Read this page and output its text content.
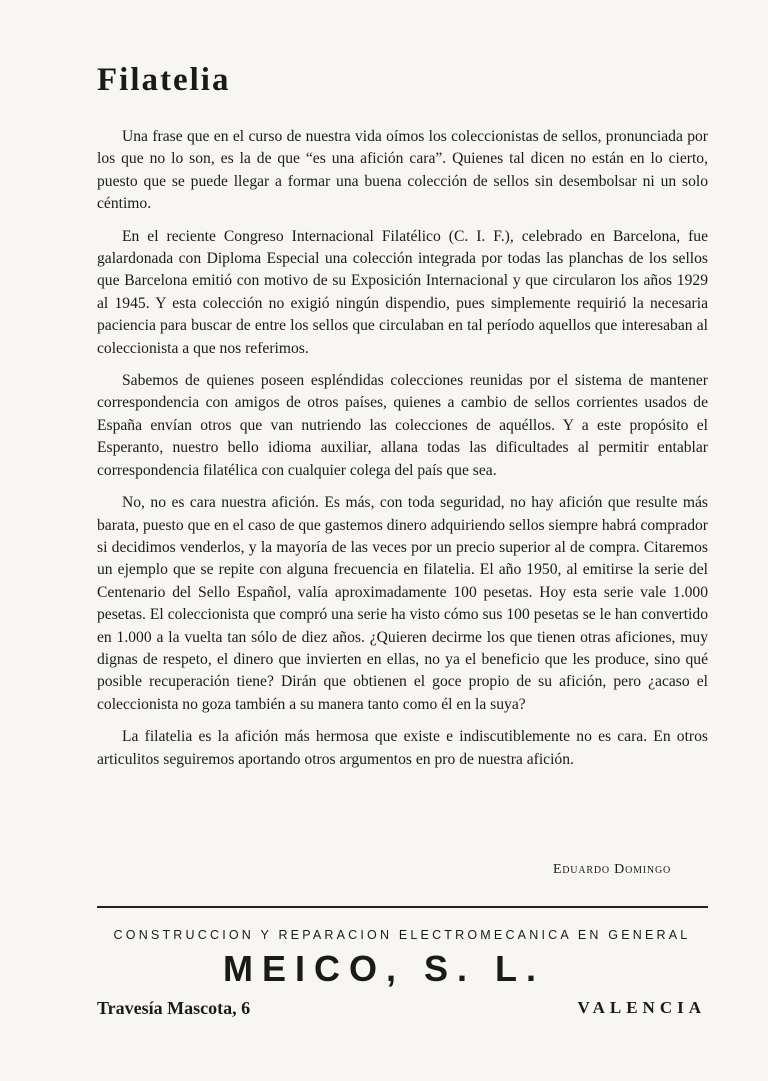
Filatelia

Una frase que en el curso de nuestra vida oímos los coleccionistas de sellos, pronunciada por los que no lo son, es la de que “es una afición cara”. Quienes tal dicen no están en lo cierto, puesto que se puede llegar a formar una buena colección de sellos sin desembolsar ni un solo céntimo.

En el reciente Congreso Internacional Filatélico (C. I. F.), celebrado en Barcelona, fue galardonada con Diploma Especial una colección integrada por todas las planchas de los sellos que Barcelona emitió con motivo de su Exposición Internacional y que circularon los años 1929 al 1945. Y esta colección no exigió ningún dispendio, pues simplemente requirió la necesaria paciencia para buscar de entre los sellos que circulaban en tal período aquellos que interesaban al coleccionista a que nos referimos.

Sabemos de quienes poseen espléndidas colecciones reunidas por el sistema de mantener correspondencia con amigos de otros países, quienes a cambio de sellos corrientes usados de España envían otros que van nutriendo las colecciones de aquéllos. Y a este propósito el Esperanto, nuestro bello idioma auxiliar, allana todas las dificultades al permitir entablar correspondencia filatélica con cualquier colega del país que sea.

No, no es cara nuestra afición. Es más, con toda seguridad, no hay afición que resulte más barata, puesto que en el caso de que gastemos dinero adquiriendo sellos siempre habrá comprador si decidimos venderlos, y la mayoría de las veces por un precio superior al de compra. Citaremos un ejemplo que se repite con alguna frecuencia en filatelia. El año 1950, al emitirse la serie del Centenario del Sello Español, valía aproximadamente 100 pesetas. Hoy esta serie vale 1.000 pesetas. El coleccionista que compró una serie ha visto cómo sus 100 pesetas se le han convertido en 1.000 a la vuelta tan sólo de diez años. ¿Quieren decirme los que tienen otras aficiones, muy dignas de respeto, el dinero que invierten en ellas, no ya el beneficio que les produce, sino qué posible recuperación tiene? Dirán que obtienen el goce propio de su afición, pero ¿acaso el coleccionista no goza también a su manera tanto como él en la suya?

La filatelia es la afición más hermosa que existe e indiscutiblemente no es cara. En otros articulitos seguiremos aportando otros argumentos en pro de nuestra afición.

Eduardo Domingo
CONSTRUCCION Y REPARACION ELECTROMECANICA EN GENERAL
MEICO, S. L.
Travesía Mascota, 6	VALENCIA
